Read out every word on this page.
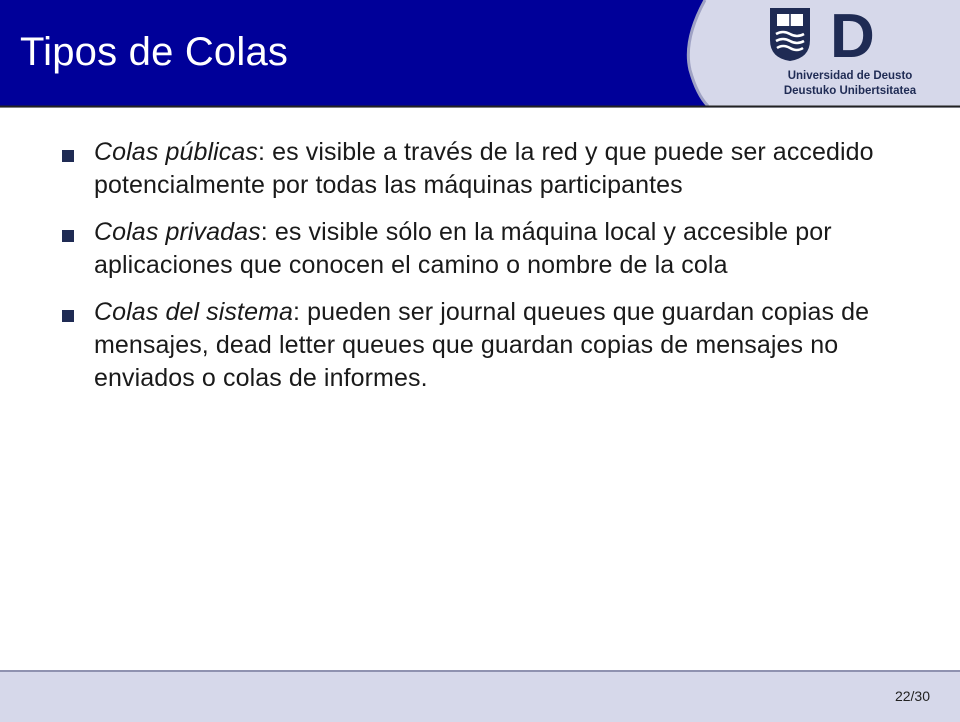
Tipos de Colas	D
Universidad de Deusto
Deustuko Unibertsitatea
Colas públicas: es visible a través de la red y que puede ser accedido potencialmente por todas las máquinas participantes
Colas privadas: es visible sólo en la máquina local y accesible por aplicaciones que conocen el camino o nombre de la cola
Colas del sistema: pueden ser journal queues que guardan copias de mensajes, dead letter queues que guardan copias de mensajes no enviados o colas de informes.
22/30
